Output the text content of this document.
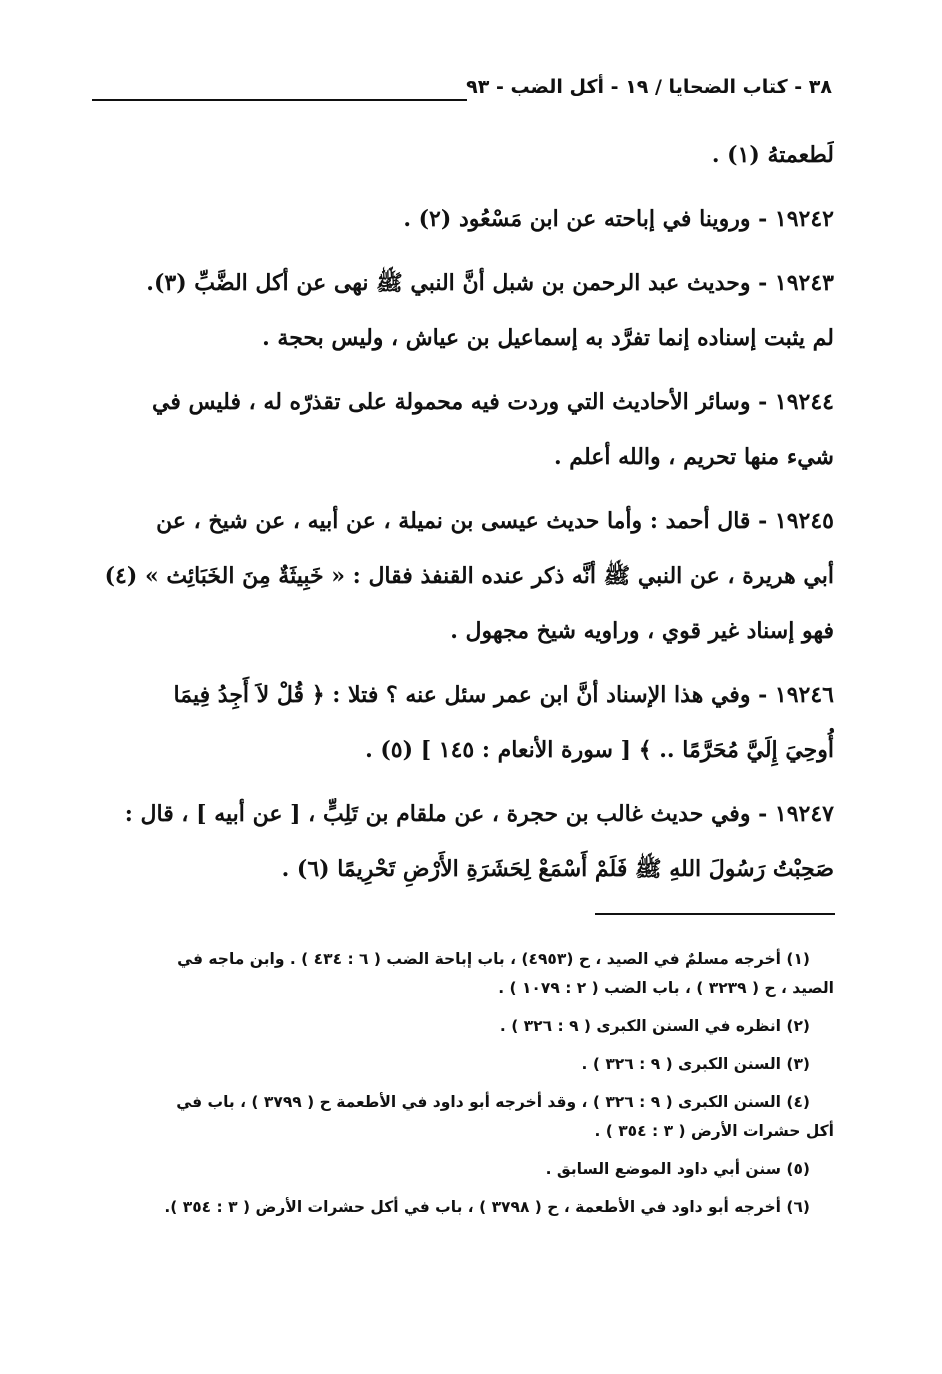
٣٨ - كتاب الضحايا / ١٩ - أكل الضب - ٩٣

لَطعمتهُ (١) .

١٩٢٤٢ - وروينا في إباحته عن ابن مَسْعُود (٢) .

١٩٢٤٣ - وحديث عبد الرحمن بن شبل أنَّ النبي ﷺ نهى عن أكل الضَّبِّ (٣).
لم يثبت إسناده إنما تفرَّد به إسماعيل بن عياش ، وليس بحجة .

١٩٢٤٤ - وسائر الأحاديث التي وردت فيه محمولة على تقذرّه له ، فليس في
شيء منها تحريم ، والله أعلم .

١٩٢٤٥ - قال أحمد : وأما حديث عيسى بن نميلة ، عن أبيه ، عن شيخ ، عن
أبي هريرة ، عن النبي ﷺ أنَّه ذكر عنده القنفذ فقال : « خَبِيثَةٌ مِنَ الخَبَائِث » (٤)
فهو إسناد غير قوي ، وراويه شيخ مجهول .

١٩٢٤٦ - وفي هذا الإسناد أنَّ ابن عمر سئل عنه ؟ فتلا : ﴿ قُلْ لاَ أَجِدُ فِيمَا
أُوحِيَ إِلَيَّ مُحَرَّمًا .. ﴾ [ سورة الأنعام : ١٤٥ ] (٥) .

١٩٢٤٧ - وفي حديث غالب بن حجرة ، عن ملقام بن تَلِبٍّ ، [ عن أبيه ] ، قال :
صَحِبْتُ رَسُولَ اللهِ ﷺ فَلَمْ أَسْمَعْ لِحَشَرَةِ الأَرْضِ تَحْرِيمًا (٦) .

(١) أخرجه مسلمٌ في الصيد ، ح (٤٩٥٣) ، باب إباحة الضب ( ٦ : ٤٣٤ ) . وابن ماجه في
الصيد ، ح ( ٣٢٣٩ ) ، باب الضب ( ٢ : ١٠٧٩ ) .
(٢) انظره في السنن الكبرى ( ٩ : ٣٢٦ ) .
(٣) السنن الكبرى ( ٩ : ٣٢٦ ) .
(٤) السنن الكبرى ( ٩ : ٣٢٦ ) ، وقد أخرجه أبو داود في الأطعمة ح ( ٣٧٩٩ ) ، باب في
أكل حشرات الأرض ( ٣ : ٣٥٤ ) .
(٥) سنن أبي داود الموضع السابق .
(٦) أخرجه أبو داود في الأطعمة ، ح ( ٣٧٩٨ ) ، باب في أكل حشرات الأرض ( ٣ : ٣٥٤ ).
